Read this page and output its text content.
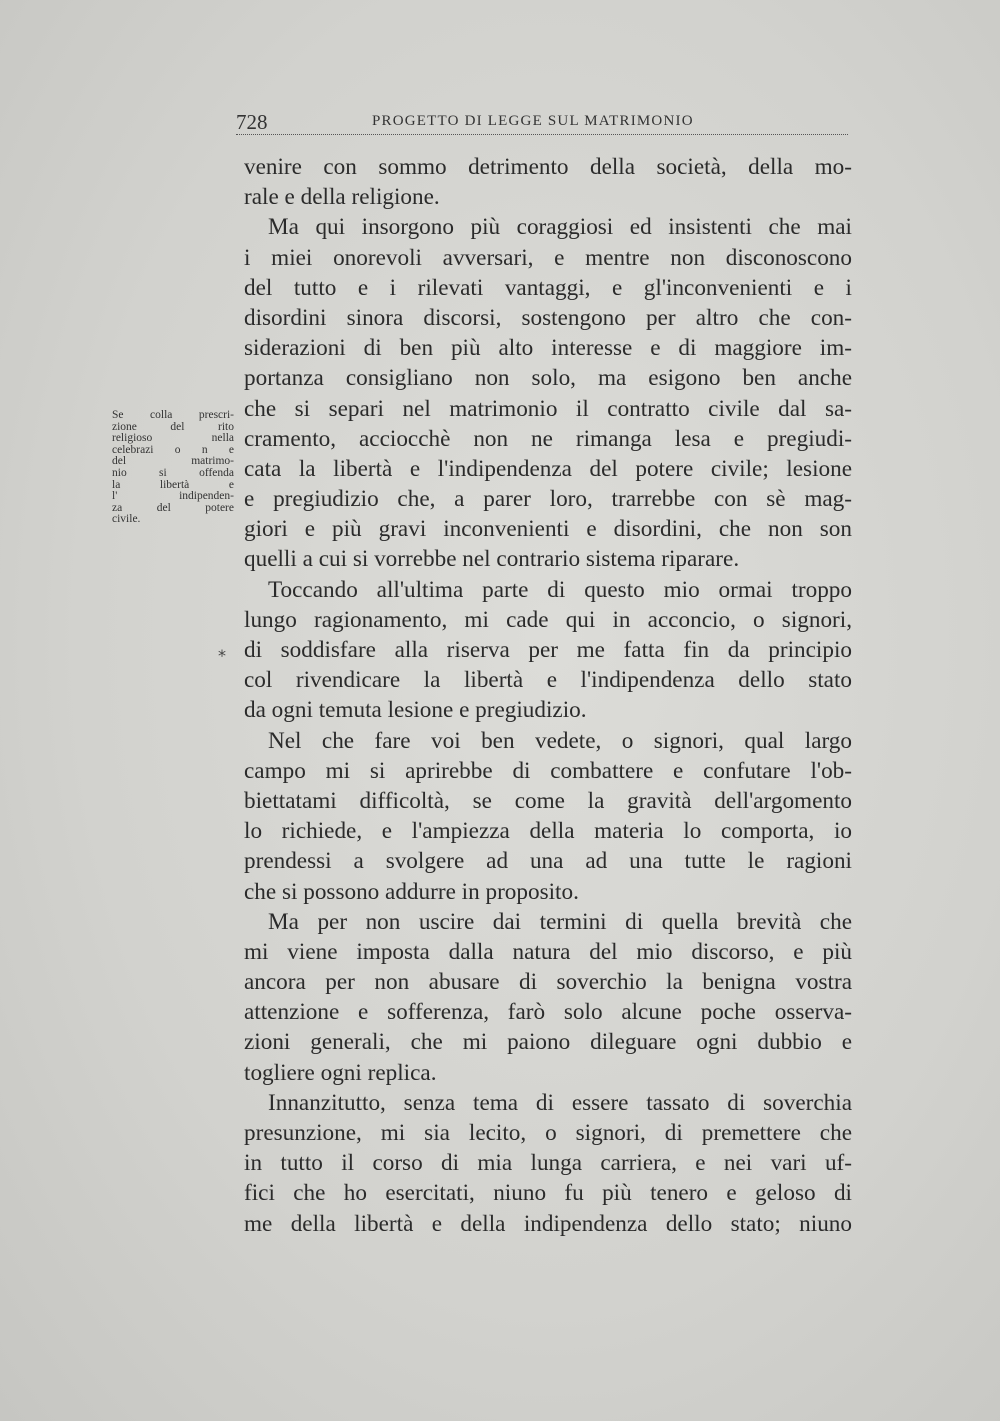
728	PROGETTO DI LEGGE SUL MATRIMONIO
Se colla prescri-
zione del rito
religioso nella
celebrazi o n e
del matrimo-
nio si offenda
la libertà e
l' indipenden-
za del potere
civile.
*
venire con sommo detrimento della società, della mo-
rale e della religione.
Ma qui insorgono più coraggiosi ed insistenti che mai
i miei onorevoli avversari, e mentre non disconoscono
del tutto e i rilevati vantaggi, e gl'inconvenienti e i
disordini sinora discorsi, sostengono per altro che con-
siderazioni di ben più alto interesse e di maggiore im-
portanza consigliano non solo, ma esigono ben anche
che si separi nel matrimonio il contratto civile dal sa-
cramento, acciocchè non ne rimanga lesa e pregiudi-
cata la libertà e l'indipendenza del potere civile; lesione
e pregiudizio che, a parer loro, trarrebbe con sè mag-
giori e più gravi inconvenienti e disordini, che non son
quelli a cui si vorrebbe nel contrario sistema riparare.
Toccando all'ultima parte di questo mio ormai troppo
lungo ragionamento, mi cade qui in acconcio, o signori,
di soddisfare alla riserva per me fatta fin da principio
col rivendicare la libertà e l'indipendenza dello stato
da ogni temuta lesione e pregiudizio.
Nel che fare voi ben vedete, o signori, qual largo
campo mi si aprirebbe di combattere e confutare l'ob-
biettatami difficoltà, se come la gravità dell'argomento
lo richiede, e l'ampiezza della materia lo comporta, io
prendessi a svolgere ad una ad una tutte le ragioni
che si possono addurre in proposito.
Ma per non uscire dai termini di quella brevità che
mi viene imposta dalla natura del mio discorso, e più
ancora per non abusare di soverchio la benigna vostra
attenzione e sofferenza, farò solo alcune poche osserva-
zioni generali, che mi paiono dileguare ogni dubbio e
togliere ogni replica.
Innanzitutto, senza tema di essere tassato di soverchia
presunzione, mi sia lecito, o signori, di premettere che
in tutto il corso di mia lunga carriera, e nei vari uf-
fici che ho esercitati, niuno fu più tenero e geloso di
me della libertà e della indipendenza dello stato; niuno
